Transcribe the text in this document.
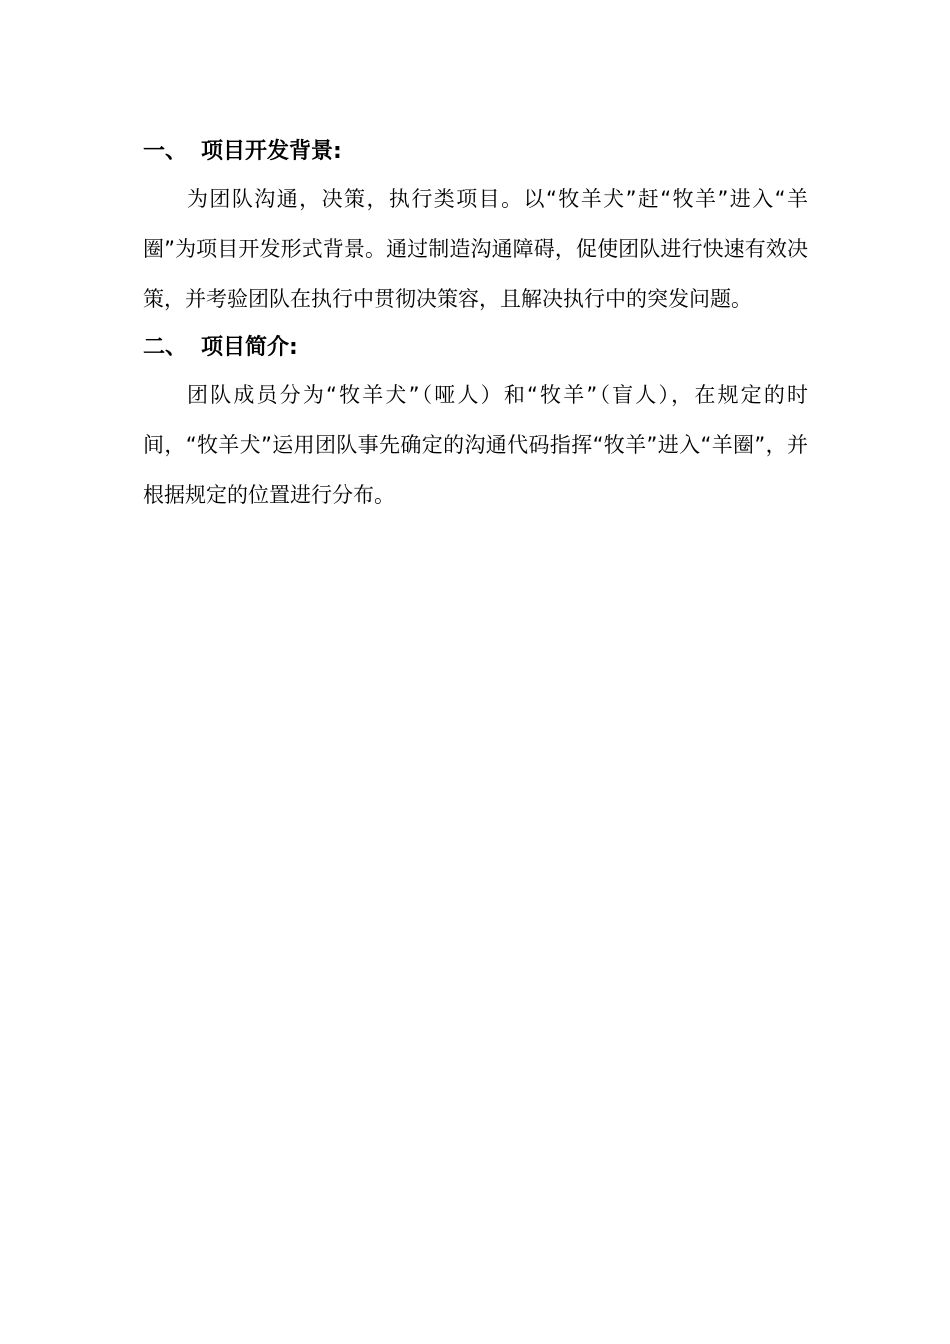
一、 项目开发背景:

为团队沟通，决策，执行类项目。以“牧羊犬”赶“牧羊”进入“羊圈”为项目开发形式背景。通过制造沟通障碍，促使团队进行快速有效决策，并考验团队在执行中贯彻决策容，且解决执行中的突发问题。

二、 项目简介:

团队成员分为“牧羊犬”（哑人）和“牧羊”（盲人），在规定的时间，“牧羊犬”运用团队事先确定的沟通代码指挥“牧羊”进入“羊圈”，并根据规定的位置进行分布。
